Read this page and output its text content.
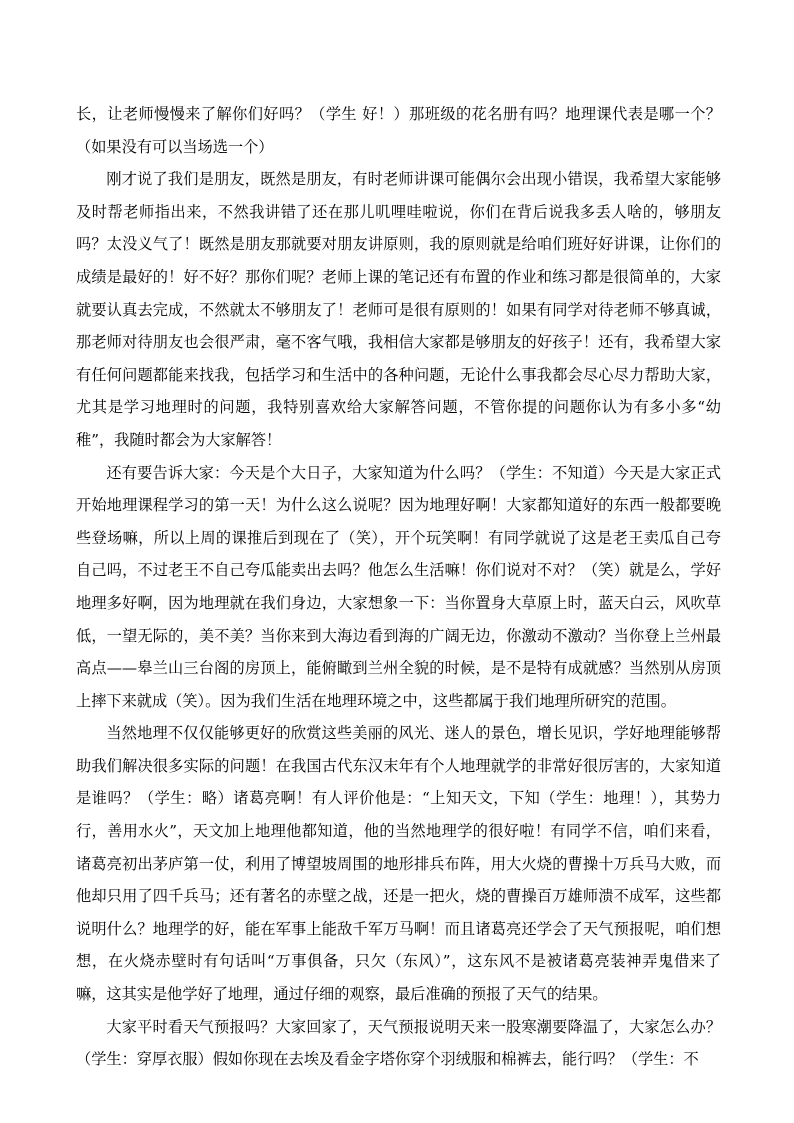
长，让老师慢慢来了解你们好吗？（学生 好！）那班级的花名册有吗？地理课代表是哪一个？（如果没有可以当场选一个）

刚才说了我们是朋友，既然是朋友，有时老师讲课可能偶尔会出现小错误，我希望大家能够及时帮老师指出来，不然我讲错了还在那儿叽哩哇啦说，你们在背后说我多丢人啥的，够朋友吗？太没义气了！既然是朋友那就要对朋友讲原则，我的原则就是给咱们班好好讲课，让你们的成绩是最好的！好不好？那你们呢？老师上课的笔记还有布置的作业和练习都是很简单的，大家就要认真去完成，不然就太不够朋友了！老师可是很有原则的！如果有同学对待老师不够真诚，那老师对待朋友也会很严肃，毫不客气哦，我相信大家都是够朋友的好孩子！还有，我希望大家有任何问题都能来找我，包括学习和生活中的各种问题，无论什么事我都会尽心尽力帮助大家，尤其是学习地理时的问题，我特别喜欢给大家解答问题，不管你提的问题你认为有多小多“幼稚”，我随时都会为大家解答！

还有要告诉大家：今天是个大日子，大家知道为什么吗？（学生：不知道）今天是大家正式开始地理课程学习的第一天！为什么这么说呢？因为地理好啊！大家都知道好的东西一般都要晚些登场嘛，所以上周的课推后到现在了（笑），开个玩笑啊！有同学就说了这是老王卖瓜自己夸自己吗，不过老王不自己夸瓜能卖出去吗？他怎么生活嘛！你们说对不对？（笑）就是么，学好地理多好啊，因为地理就在我们身边，大家想象一下：当你置身大草原上时，蓝天白云，风吹草低，一望无际的，美不美？当你来到大海边看到海的广阔无边，你激动不激动？当你登上兰州最高点——皋兰山三台阁的房顶上，能俯瞰到兰州全貌的时候，是不是特有成就感？当然别从房顶上摔下来就成（笑）。因为我们生活在地理环境之中，这些都属于我们地理所研究的范围。

当然地理不仅仅能够更好的欣赏这些美丽的风光、迷人的景色，增长见识，学好地理能够帮助我们解决很多实际的问题！在我国古代东汉末年有个人地理就学的非常好很厉害的，大家知道是谁吗？（学生：略）诸葛亮啊！有人评价他是：“上知天文，下知（学生：地理！），其势力行，善用水火”，天文加上地理他都知道，他的当然地理学的很好啦！有同学不信，咱们来看，诸葛亮初出茅庐第一仗，利用了博望坡周围的地形排兵布阵，用大火烧的曹操十万兵马大败，而他却只用了四千兵马；还有著名的赤壁之战，还是一把火，烧的曹操百万雄师溃不成军，这些都说明什么？地理学的好，能在军事上能敌千军万马啊！而且诸葛亮还学会了天气预报呢，咱们想想，在火烧赤壁时有句话叫“万事俱备，只欠（东风）”，这东风不是被诸葛亮装神弄鬼借来了嘛，这其实是他学好了地理，通过仔细的观察，最后准确的预报了天气的结果。

大家平时看天气预报吗？大家回家了，天气预报说明天来一股寒潮要降温了，大家怎么办？（学生：穿厚衣服）假如你现在去埃及看金字塔你穿个羽绒服和棉裤去，能行吗？（学生：不
